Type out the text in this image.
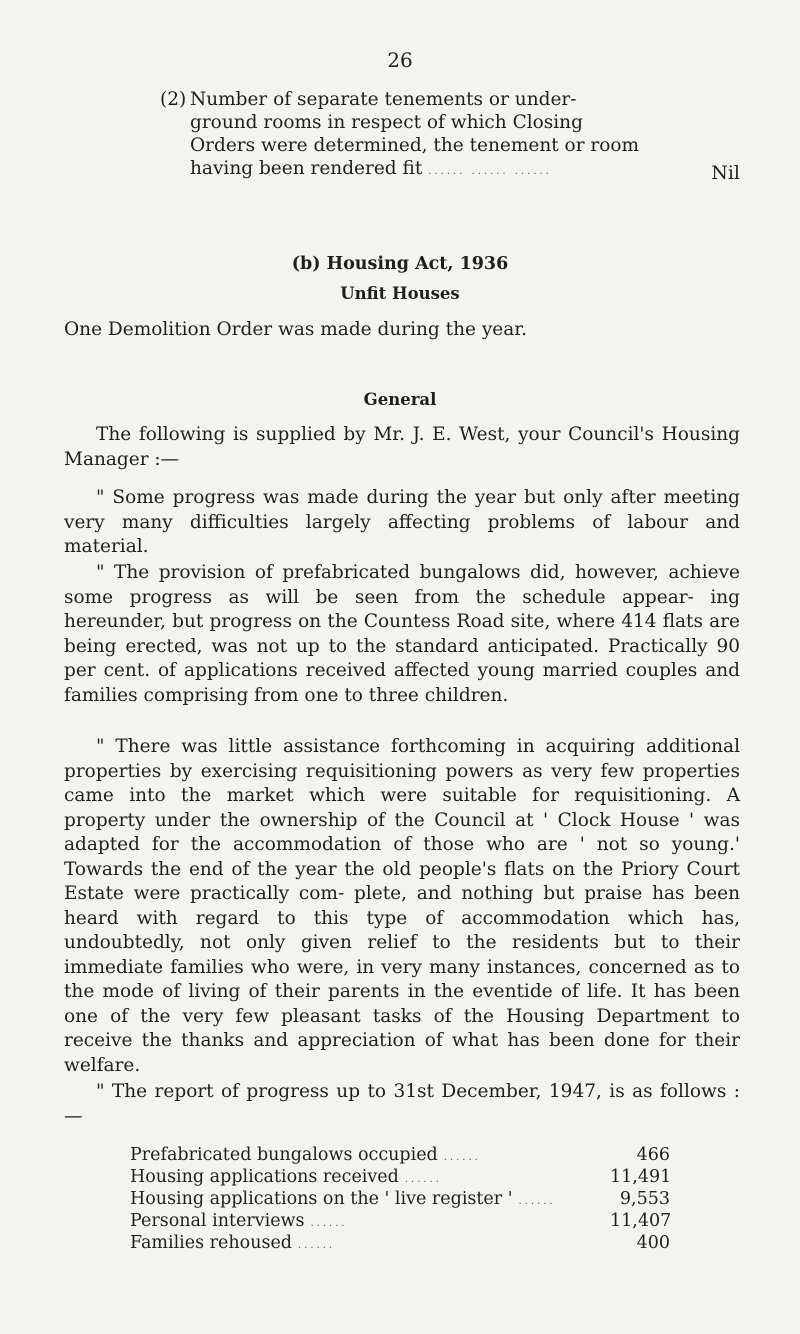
26
(2) Number of separate tenements or under-
ground rooms in respect of which Closing
Orders were determined, the tenement or room
having been rendered fit ...... ...... ......	Nil
(b) Housing Act, 1936
Unfit Houses
One Demolition Order was made during the year.
General
The following is supplied by Mr. J. E. West, your Council's Housing Manager :—
" Some progress was made during the year but only after meeting very many difficulties largely affecting problems of labour and material.
" The provision of prefabricated bungalows did, however, achieve some progress as will be seen from the schedule appear- ing hereunder, but progress on the Countess Road site, where 414 flats are being erected, was not up to the standard anticipated. Practically 90 per cent. of applications received affected young married couples and families comprising from one to three children.
" There was little assistance forthcoming in acquiring additional properties by exercising requisitioning powers as very few properties came into the market which were suitable for requisitioning. A property under the ownership of the Council at ' Clock House ' was adapted for the accommodation of those who are ' not so young.' Towards the end of the year the old people's flats on the Priory Court Estate were practically com- plete, and nothing but praise has been heard with regard to this type of accommodation which has, undoubtedly, not only given relief to the residents but to their immediate families who were, in very many instances, concerned as to the mode of living of their parents in the eventide of life. It has been one of the very few pleasant tasks of the Housing Department to receive the thanks and appreciation of what has been done for their welfare.
" The report of progress up to 31st December, 1947, is as follows : —
Prefabricated bungalows occupied ......	466
Housing applications received ......	11,491
Housing applications on the ' live register ' ......	9,553
Personal interviews ......	11,407
Families rehoused ......	400
